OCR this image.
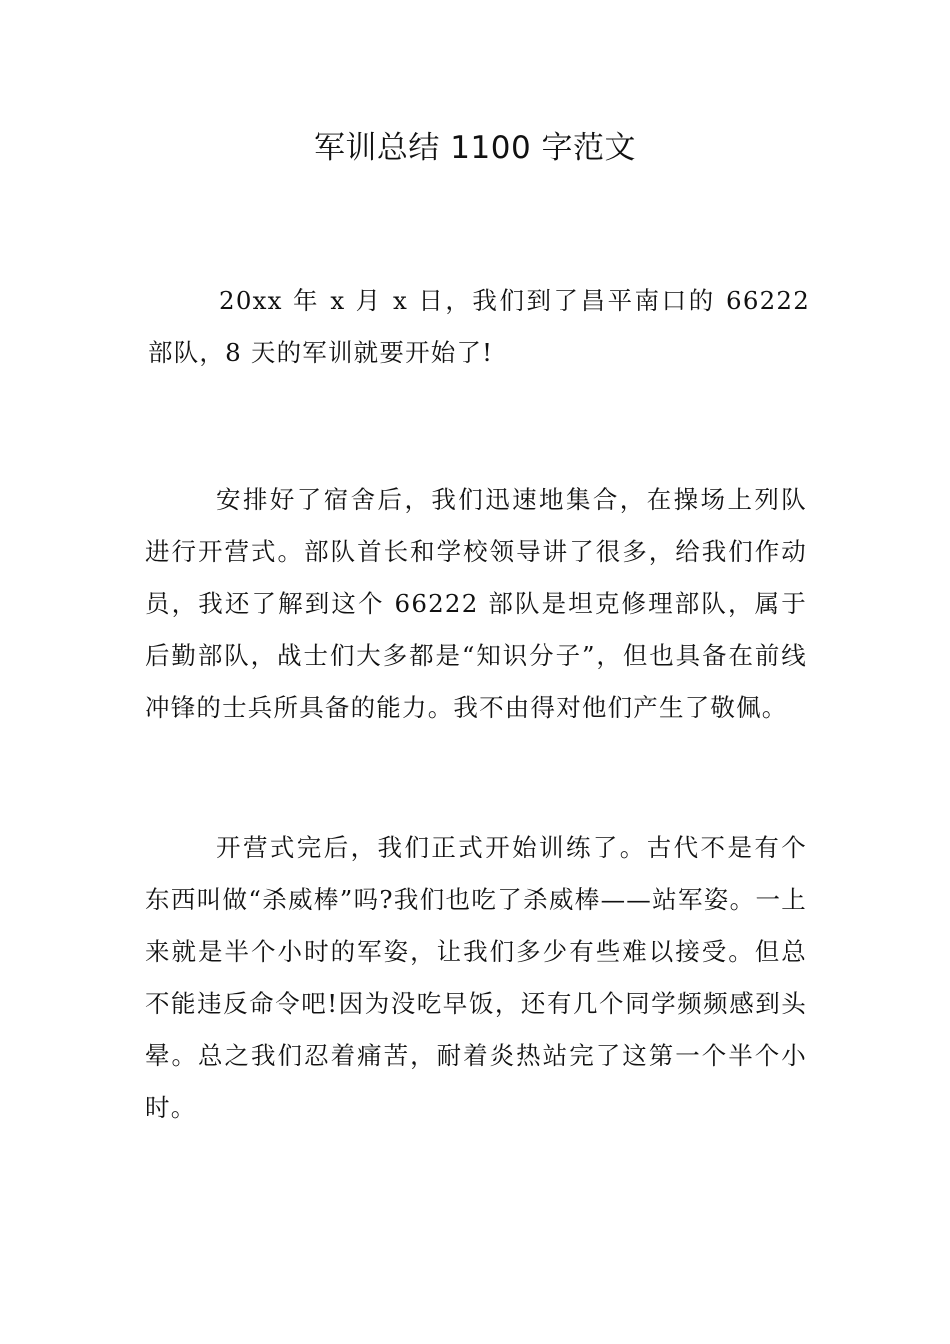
军训总结 1100 字范文

20xx 年 x 月 x 日，我们到了昌平南口的 66222 部队，8 天的军训就要开始了!

安排好了宿舍后，我们迅速地集合，在操场上列队进行开营式。部队首长和学校领导讲了很多，给我们作动员，我还了解到这个 66222 部队是坦克修理部队，属于后勤部队，战士们大多都是“知识分子”，但也具备在前线冲锋的士兵所具备的能力。我不由得对他们产生了敬佩。

开营式完后，我们正式开始训练了。古代不是有个东西叫做“杀威棒”吗?我们也吃了杀威棒——站军姿。一上来就是半个小时的军姿，让我们多少有些难以接受。但总不能违反命令吧!因为没吃早饭，还有几个同学频频感到头晕。总之我们忍着痛苦，耐着炎热站完了这第一个半个小时。
